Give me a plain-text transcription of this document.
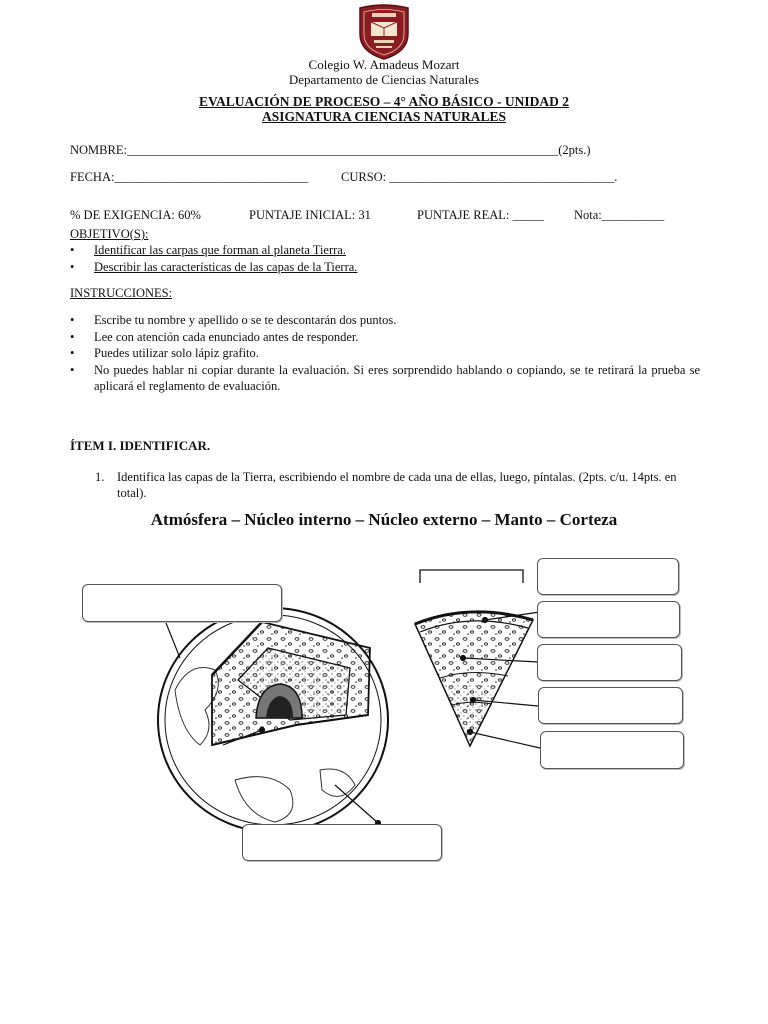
Colegio W. Amadeus Mozart
Departamento de Ciencias Naturales
EVALUACIÓN DE PROCESO – 4° AÑO BÁSICO - UNIDAD 2
ASIGNATURA CIENCIAS NATURALES
NOMBRE:_____________________________________________________________________(2pts.)
FECHA:_______________________________	CURSO: ____________________________________.
% DE EXIGENCIA: 60%	PUNTAJE INICIAL: 31	PUNTAJE REAL: _____ Nota:__________
OBJETIVO(S):
•	Identificar las carpas que forman al planeta Tierra.
•	Describir las características de las capas de la Tierra.
INSTRUCCIONES:
•	Escribe tu nombre y apellido o se te descontarán dos puntos.
•	Lee con atención cada enunciado antes de responder.
•	Puedes utilizar solo lápiz grafito.
•	No puedes hablar ni copiar durante la evaluación. Si eres sorprendido hablando o copiando, se te retirará la prueba se aplicará el reglamento de evaluación.
ÍTEM I. IDENTIFICAR.
1.	Identifica las capas de la Tierra, escribiendo el nombre de cada una de ellas, luego, píntalas. (2pts. c/u. 14pts. en total).
Atmósfera – Núcleo interno – Núcleo externo – Manto – Corteza
